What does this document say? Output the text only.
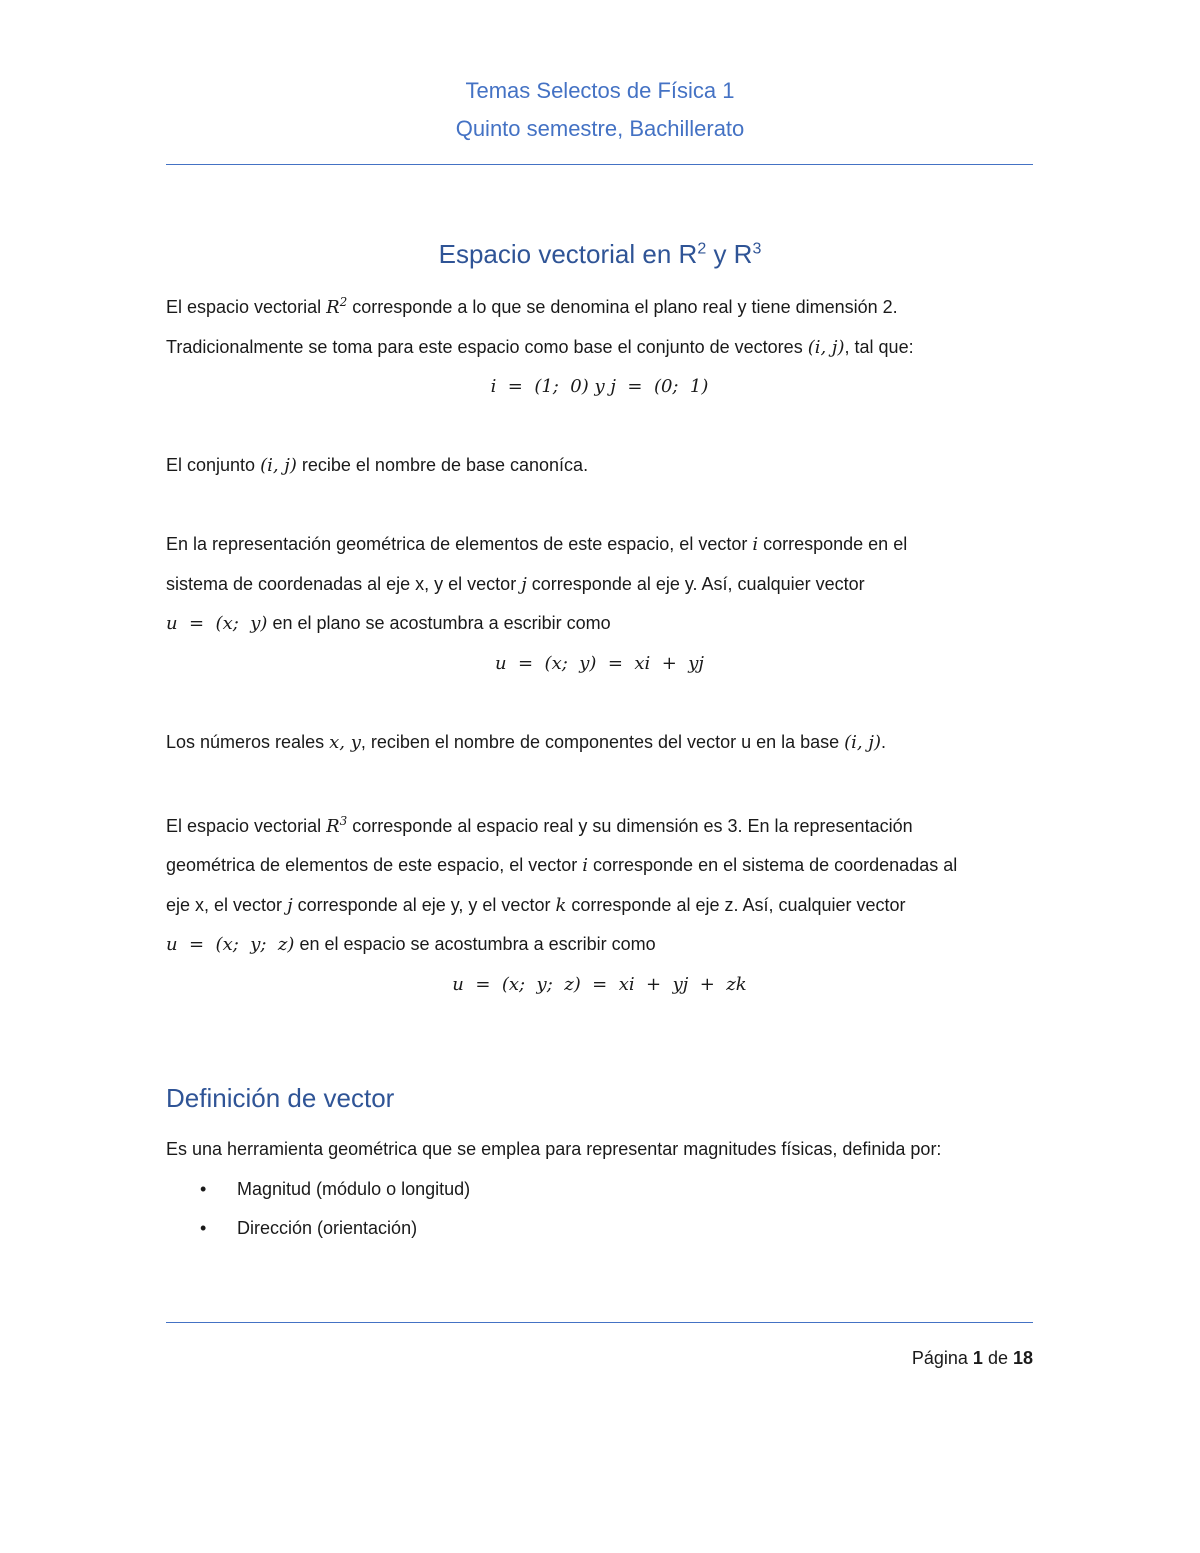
Temas Selectos de Física 1
Quinto semestre, Bachillerato
Espacio vectorial en $R^2$ y $R^3$

El espacio vectorial $R^2$ corresponde a lo que se denomina el plano real y tiene dimensión 2.

Tradicionalmente se toma para este espacio como base el conjunto de vectores (i, j), tal que:

i  =  (1;  0) y j  =  (0;  1)

El conjunto (i, j) recibe el nombre de base canoníca.

En la representación geométrica de elementos de este espacio, el vector i corresponde en el

sistema de coordenadas al eje x, y el vector j corresponde al eje y. Así, cualquier vector

u  =  (x;  y) en el plano se acostumbra a escribir como

u  =  (x;  y)  =  xi  +  yj

Los números reales x, y, reciben el nombre de componentes del vector u en la base (i, j).

El espacio vectorial $R^3$ corresponde al espacio real y su dimensión es 3. En la representación

geométrica de elementos de este espacio, el vector i corresponde en el sistema de coordenadas al

eje x, el vector j corresponde al eje y, y el vector k corresponde al eje z. Así, cualquier vector

u  =  (x;  y;  z) en el espacio se acostumbra a escribir como

u  =  (x;  y;  z)  =  xi  +  yj  +  zk

Definición de vector

Es una herramienta geométrica que se emplea para representar magnitudes físicas, definida por:

• Magnitud (módulo o longitud)
• Dirección (orientación)
Página 1 de 18
